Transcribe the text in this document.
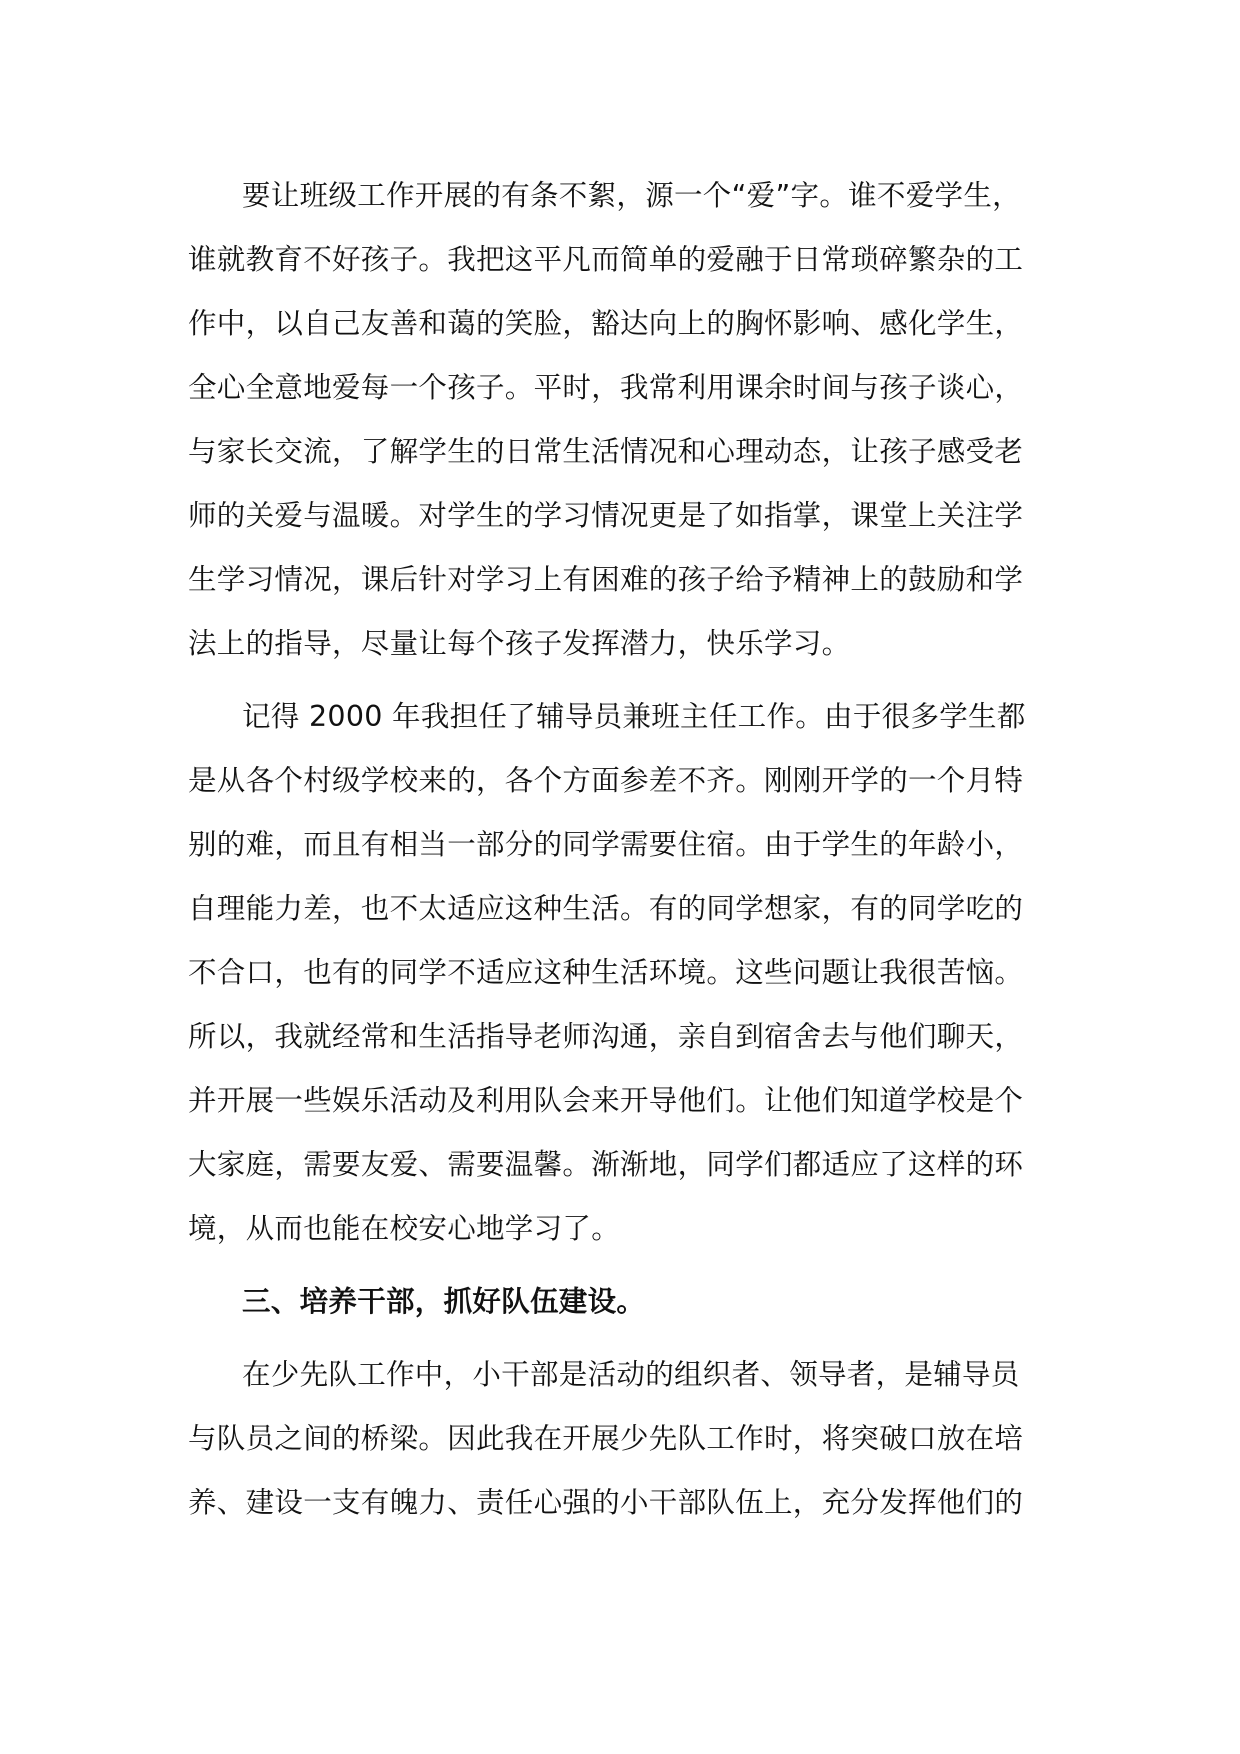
要让班级工作开展的有条不絮，源一个“爱”字。谁不爱学生，
谁就教育不好孩子。我把这平凡而简单的爱融于日常琐碎繁杂的工
作中，以自己友善和蔼的笑脸，豁达向上的胸怀影响、感化学生，
全心全意地爱每一个孩子。平时，我常利用课余时间与孩子谈心，
与家长交流，了解学生的日常生活情况和心理动态，让孩子感受老
师的关爱与温暖。对学生的学习情况更是了如指掌，课堂上关注学
生学习情况，课后针对学习上有困难的孩子给予精神上的鼓励和学
法上的指导，尽量让每个孩子发挥潜力，快乐学习。
记得 2000 年我担任了辅导员兼班主任工作。由于很多学生都
是从各个村级学校来的，各个方面参差不齐。刚刚开学的一个月特
别的难，而且有相当一部分的同学需要住宿。由于学生的年龄小，
自理能力差，也不太适应这种生活。有的同学想家，有的同学吃的
不合口，也有的同学不适应这种生活环境。这些问题让我很苦恼。
所以，我就经常和生活指导老师沟通，亲自到宿舍去与他们聊天，
并开展一些娱乐活动及利用队会来开导他们。让他们知道学校是个
大家庭，需要友爱、需要温馨。渐渐地，同学们都适应了这样的环
境，从而也能在校安心地学习了。
三、培养干部，抓好队伍建设。
在少先队工作中，小干部是活动的组织者、领导者，是辅导员
与队员之间的桥梁。因此我在开展少先队工作时，将突破口放在培
养、建设一支有魄力、责任心强的小干部队伍上，充分发挥他们的
